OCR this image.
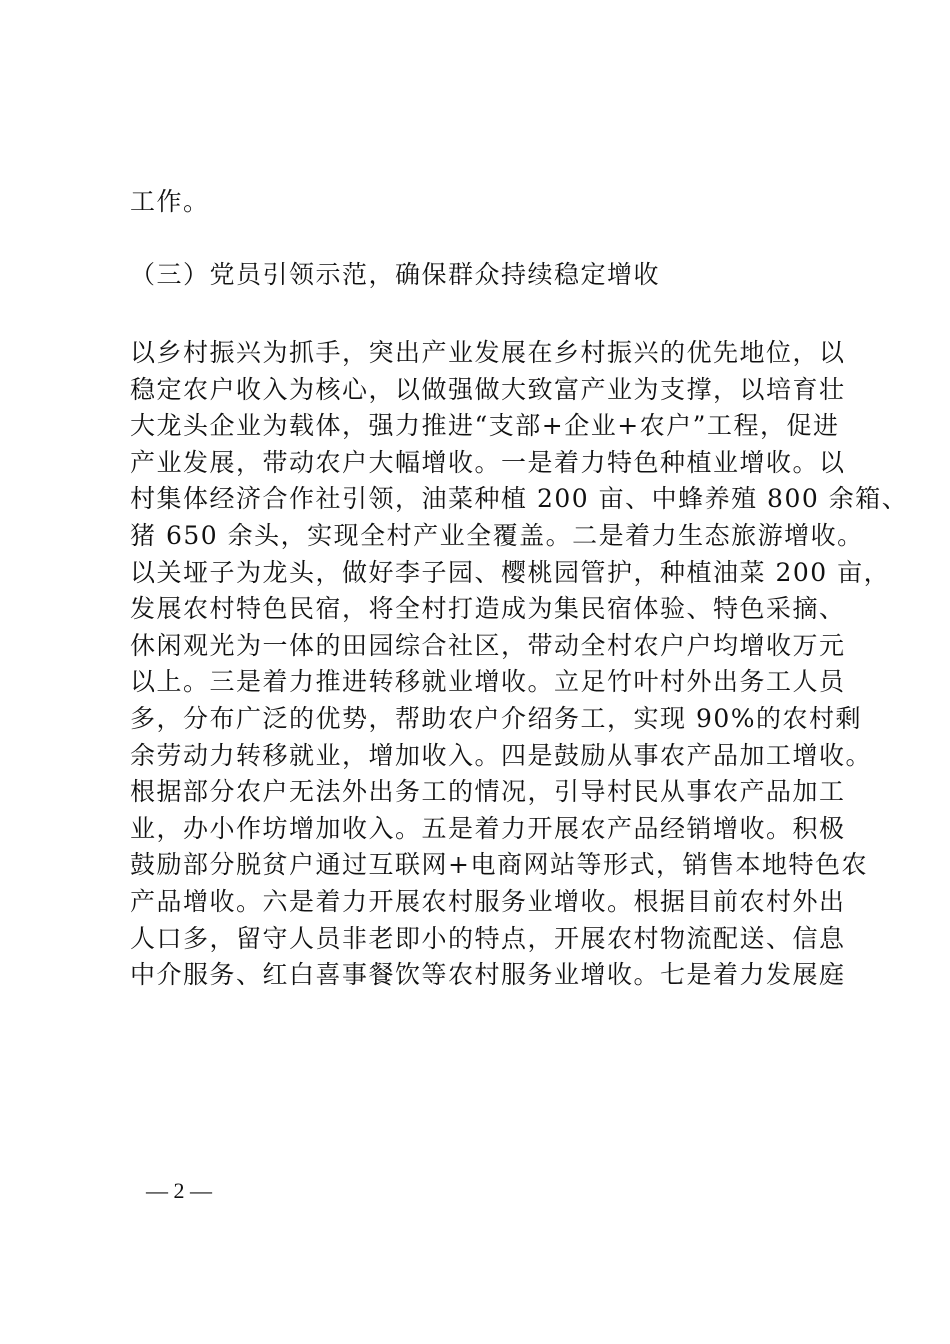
工作。
（三）党员引领示范，确保群众持续稳定增收
以乡村振兴为抓手，突出产业发展在乡村振兴的优先地位，以
稳定农户收入为核心，以做强做大致富产业为支撑，以培育壮
大龙头企业为载体，强力推进“支部+企业+农户”工程，促进
产业发展，带动农户大幅增收。一是着力特色种植业增收。以
村集体经济合作社引领，油菜种植 200 亩、中蜂养殖 800 余箱、
猪 650 余头，实现全村产业全覆盖。二是着力生态旅游增收。
以关垭子为龙头，做好李子园、樱桃园管护，种植油菜 200 亩，
发展农村特色民宿，将全村打造成为集民宿体验、特色采摘、
休闲观光为一体的田园综合社区，带动全村农户户均增收万元
以上。三是着力推进转移就业增收。立足竹叶村外出务工人员
多，分布广泛的优势，帮助农户介绍务工，实现 90%的农村剩
余劳动力转移就业，增加收入。四是鼓励从事农产品加工增收。
根据部分农户无法外出务工的情况，引导村民从事农产品加工
业，办小作坊增加收入。五是着力开展农产品经销增收。积极
鼓励部分脱贫户通过互联网+电商网站等形式，销售本地特色农
产品增收。六是着力开展农村服务业增收。根据目前农村外出
人口多，留守人员非老即小的特点，开展农村物流配送、信息
中介服务、红白喜事餐饮等农村服务业增收。七是着力发展庭
— 2 —
